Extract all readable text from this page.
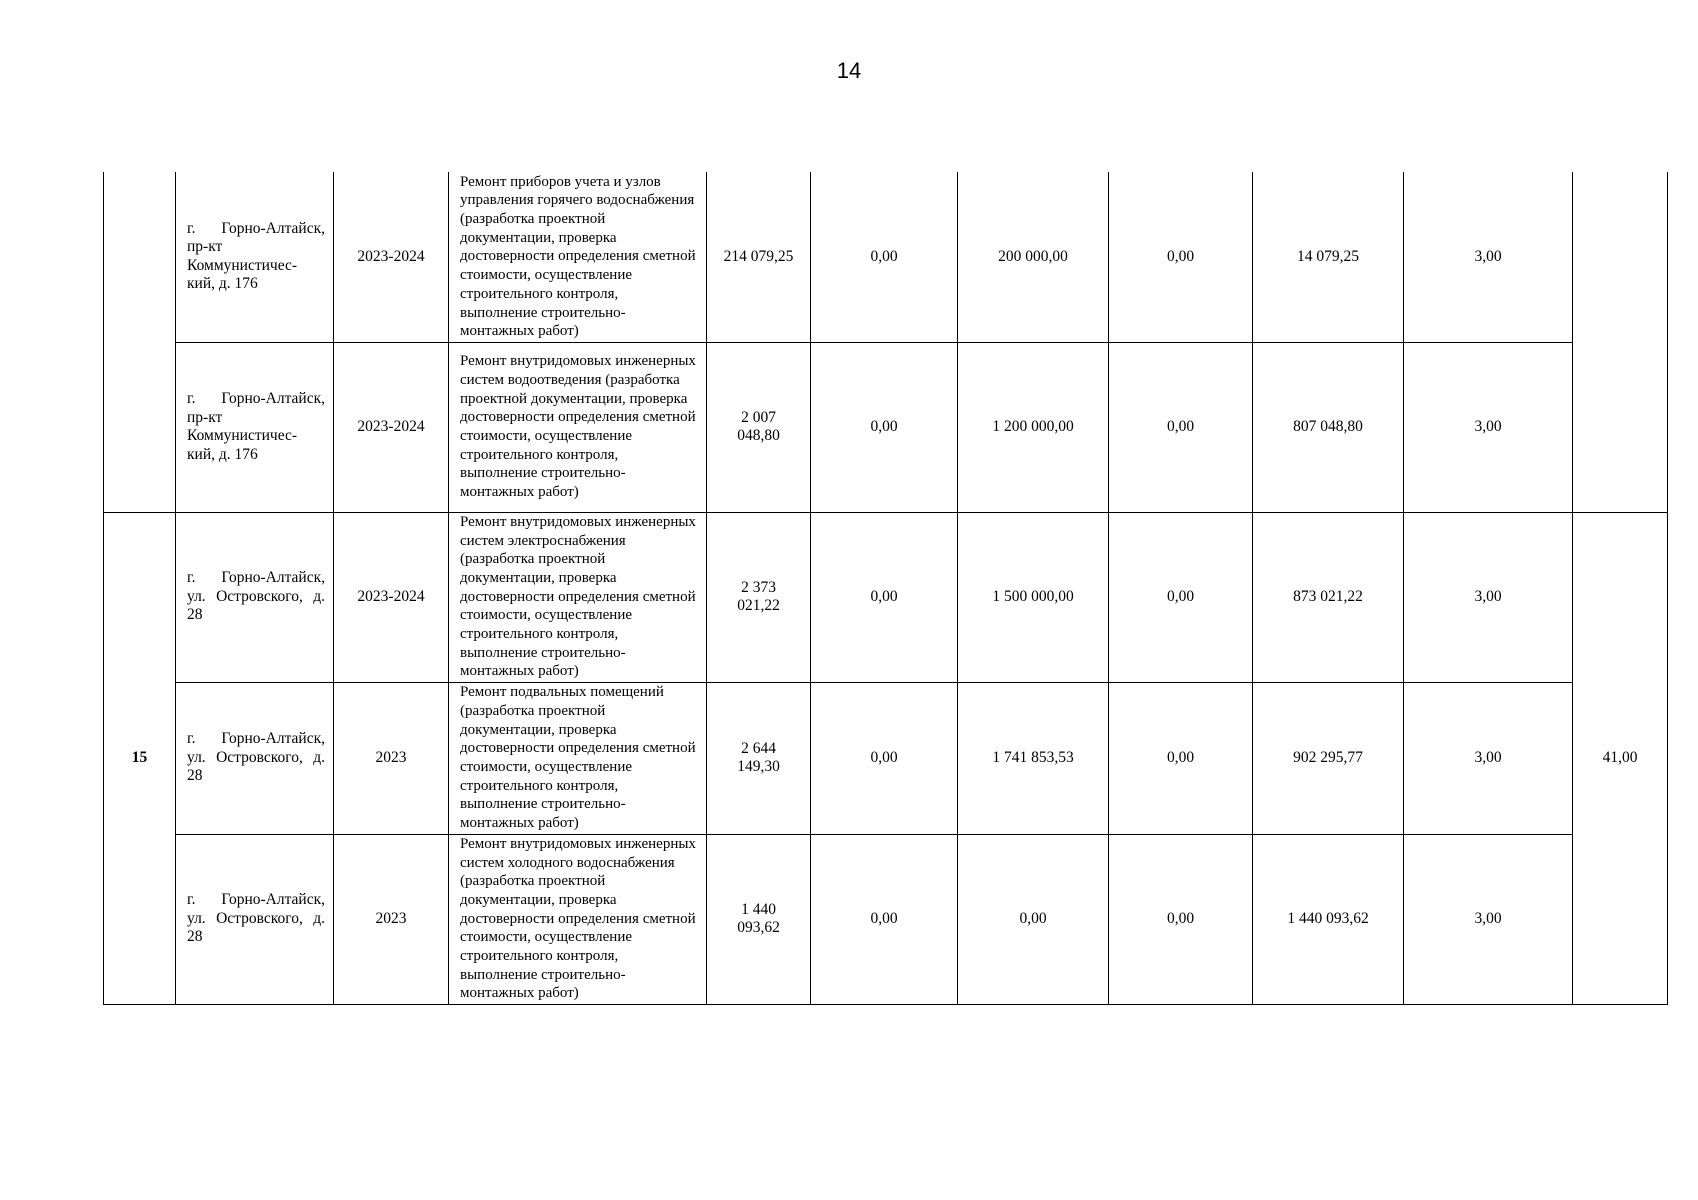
14

	г. Горно-Алтайск, пр-кт Коммунистичес-кий, д. 176	2023-2024	Ремонт приборов учета и узлов управления горячего водоснабжения (разработка проектной документации, проверка достоверности определения сметной стоимости, осуществление строительного контроля, выполнение строительно-монтажных работ)	214 079,25	0,00	200 000,00	0,00	14 079,25	3,00	

	г. Горно-Алтайск, пр-кт Коммунистичес-кий, д. 176	2023-2024	Ремонт внутридомовых инженерных систем водоотведения (разработка проектной документации, проверка достоверности определения сметной стоимости, осуществление строительного контроля, выполнение строительно-монтажных работ)	2 007 048,80	0,00	1 200 000,00	0,00	807 048,80	3,00	
15	г. Горно-Алтайск, ул. Островского, д. 28	2023-2024	Ремонт внутридомовых инженерных систем электроснабжения (разработка проектной документации, проверка достоверности определения сметной стоимости, осуществление строительного контроля, выполнение строительно-монтажных работ)	2 373 021,22	0,00	1 500 000,00	0,00	873 021,22	3,00	41,00

	г. Горно-Алтайск, ул. Островского, д. 28	2023	Ремонт подвальных помещений (разработка проектной документации, проверка достоверности определения сметной стоимости, осуществление строительного контроля, выполнение строительно-монтажных работ)	2 644 149,30	0,00	1 741 853,53	0,00	902 295,77	3,00	

	г. Горно-Алтайск, ул. Островского, д. 28	2023	Ремонт внутридомовых инженерных систем холодного водоснабжения (разработка проектной документации, проверка достоверности определения сметной стоимости, осуществление строительного контроля, выполнение строительно-монтажных работ)	1 440 093,62	0,00	0,00	0,00	1 440 093,62	3,00	
